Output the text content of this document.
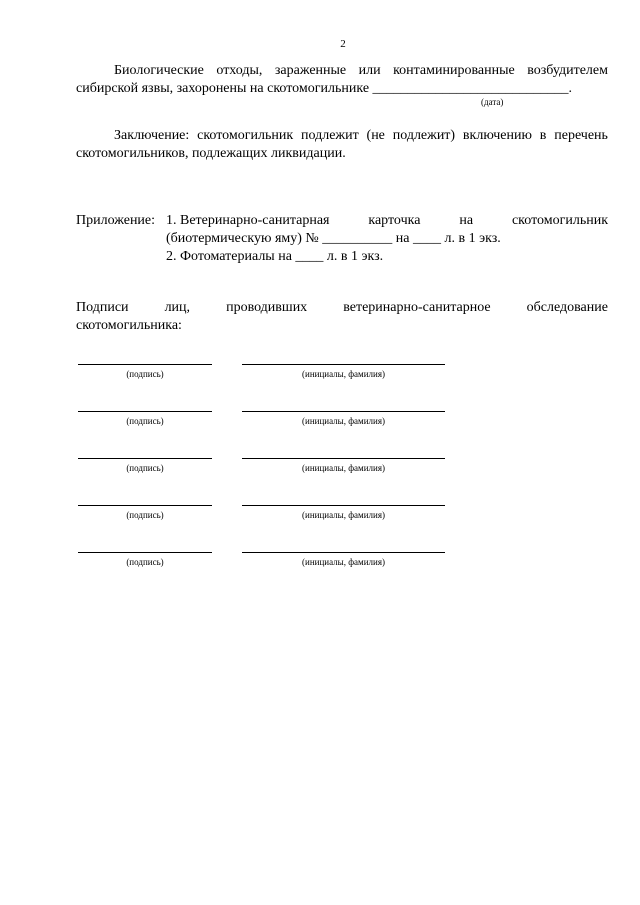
2
Биологические отходы, зараженные или контаминированные возбудителем
сибирской язвы, захоронены на скотомогильнике ____________________________.
(дата)
Заключение: скотомогильник подлежит (не подлежит) включению в перечень
скотомогильников, подлежащих ликвидации.
Приложение: 1. Ветеринарно-санитарная	карточка	на	скотомогильник
(биотермическую яму) № __________ на ____ л. в 1 экз.
2. Фотоматериалы на ____ л. в 1 экз.
Подписи	лиц,	проводивших	ветеринарно-санитарное	обследование
скотомогильника:
(подпись)	(инициалы, фамилия)
(подпись)	(инициалы, фамилия)
(подпись)	(инициалы, фамилия)
(подпись)	(инициалы, фамилия)
(подпись)	(инициалы, фамилия)
